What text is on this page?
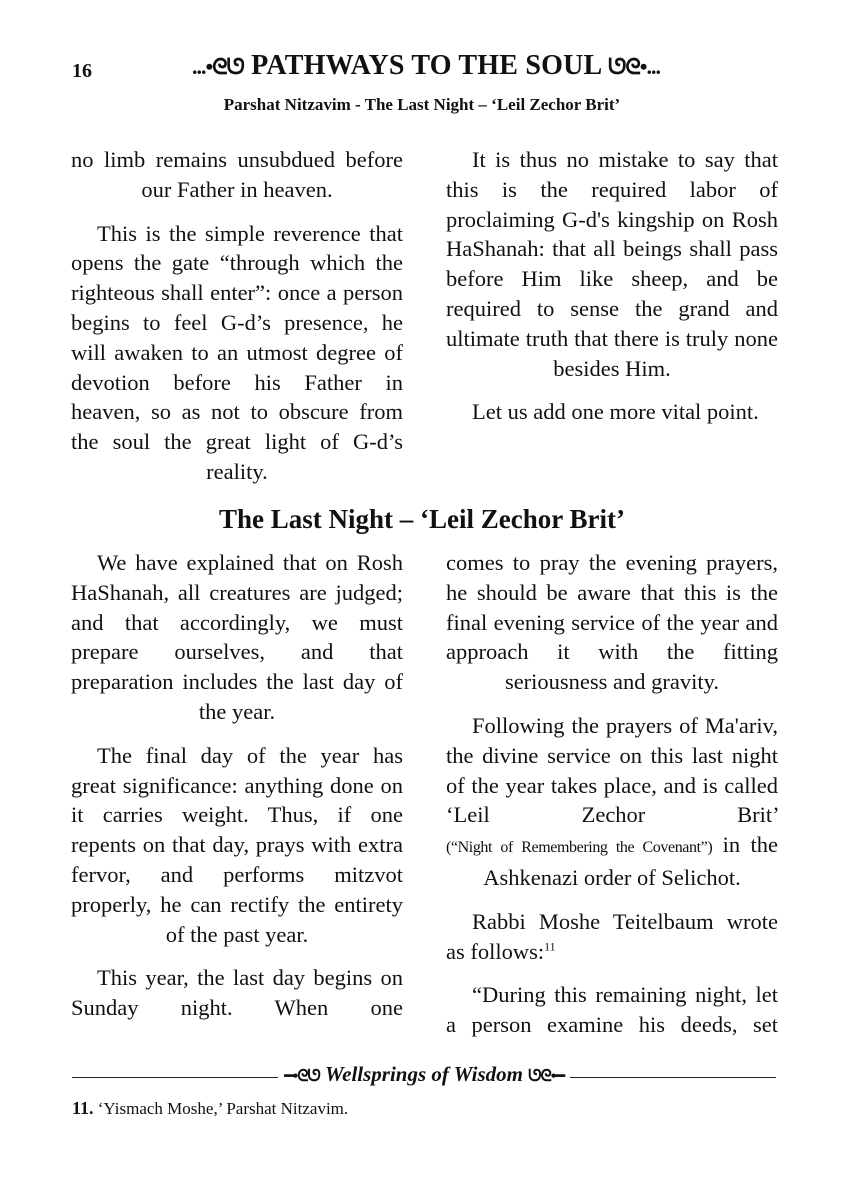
16	...•ᘓᘎ PATHWAYS TO THE SOUL ᘎᘓ•...
Parshat Nitzavim - The Last Night – ‘Leil Zechor Brit’

no limb remains unsubdued before our Father in heaven.

This is the simple reverence that opens the gate “through which the righteous shall enter”: once a person begins to feel G-d’s presence, he will awaken to an utmost degree of devotion before his Father in heaven, so as not to obscure from the soul the great light of G-d’s reality.

It is thus no mistake to say that this is the required labor of proclaiming G-d's kingship on Rosh HaShanah: that all beings shall pass before Him like sheep, and be required to sense the grand and ultimate truth that there is truly none besides Him.

Let us add one more vital point.

The Last Night – ‘Leil Zechor Brit’

We have explained that on Rosh HaShanah, all creatures are judged; and that accordingly, we must prepare ourselves, and that preparation includes the last day of the year.

The final day of the year has great significance: anything done on it carries weight. Thus, if one repents on that day, prays with extra fervor, and performs mitzvot properly, he can rectify the entirety of the past year.

This year, the last day begins on Sunday night. When one

comes to pray the evening prayers, he should be aware that this is the final evening service of the year and approach it with the fitting seriousness and gravity.

Following the prayers of Ma'ariv, the divine service on this last night of the year takes place, and is called ‘Leil Zechor Brit’ (“Night of Remembering the Covenant”) in the Ashkenazi order of Selichot.

Rabbi Moshe Teitelbaum wrote as follows:$^{11}$

“During this remaining night, let a person examine his deeds, set

━•ᘓᘎ Wellsprings of Wisdom ᘎᘓ•━
11. ‘Yismach Moshe,’ Parshat Nitzavim.
